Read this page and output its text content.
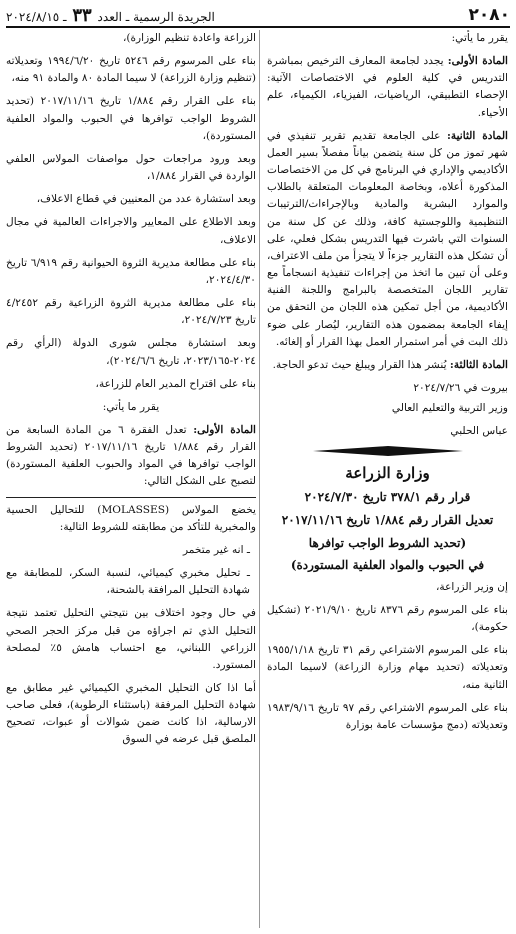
٢٠٨٠
الجريدة الرسمية ـ العدد ٣٣ ـ ٢٠٢٤/٨/١٥

يقرر ما يأتي:

المادة الأولى: يجدد لجامعة المعارف الترخيص بمباشرة التدريس في كلية العلوم في الاختصاصات الآتية: الإحصاء التطبيقي، الرياضيات، الفيزياء، الكيمياء، علم الأحياء.

المادة الثانية: على الجامعة تقديم تقرير تنفيذي في شهر تموز من كل سنة يتضمن بياناً مفصلاً بسير العمل الأكاديمي والإداري في البرنامج في كل من الاختصاصات المذكورة أعلاه، وبخاصة المعلومات المتعلقة بالطلاب والموارد البشرية والمادية وبالإجراءات/الترتيبات التنظيمية واللوجستية كافة، وذلك عن كل سنة من السنوات التي باشرت فيها التدريس بشكل فعلي، على أن تشكل هذه التقارير جزءاً لا يتجزأ من ملف الاعتراف، وعلى أن تبين ما اتخذ من إجراءات تنفيذية انسجاماً مع تقارير اللجان المتخصصة بالبرامج واللجنة الفنية الأكاديمية، من أجل تمكين هذه اللجان من التحقق من إيفاء الجامعة بمضمون هذه التقارير، ليُصار على ضوء ذلك البت في أمر استمرار العمل بهذا القرار أو إلغائه.

المادة الثالثة: يُنشر هذا القرار ويبلغ حيث تدعو الحاجة.

بيروت في ٢٠٢٤/٧/٢٦

وزير التربية والتعليم العالي

عباس الحلبي

وزارة الزراعة
قرار رقم ٣٧٨/١ تاريخ ٢٠٢٤/٧/٣٠
تعديل القرار رقم ١/٨٨٤ تاريخ ٢٠١٧/١١/١٦
(تحديد الشروط الواجب توافرها
في الحبوب والمواد العلفية المستوردة)

إن وزير الزراعة،

بناء على المرسوم رقم ٨٣٧٦ تاريخ ٢٠٢١/٩/١٠ (تشكيل حكومة)،

بناء على المرسوم الاشتراعي رقم ٣١ تاريخ ١٩٥٥/١/١٨ وتعديلاته (تحديد مهام وزارة الزراعة) لاسيما المادة الثانية منه،

بناء على المرسوم الاشتراعي رقم ٩٧ تاريخ ١٩٨٣/٩/١٦ وتعديلاته (دمج مؤسسات عامة بوزارة

الزراعة واعادة تنظيم الوزارة)،

بناء على المرسوم رقم ٥٢٤٦ تاريخ ١٩٩٤/٦/٢٠ وتعديلاته (تنظيم وزارة الزراعة) لا سيما المادة ٨٠ والمادة ٩١ منه،

بناء على القرار رقم ١/٨٨٤ تاريخ ٢٠١٧/١١/١٦ (تحديد الشروط الواجب توافرها في الحبوب والمواد العلفية المستوردة)،

وبعد ورود مراجعات حول مواصفات المولاس العلفي الواردة في القرار ١/٨٨٤،

وبعد استشارة عدد من المعنيين في قطاع الاعلاف،

وبعد الاطلاع على المعايير والاجراءات العالمية في مجال الاعلاف،

بناء على مطالعة مديرية الثروة الحيوانية رقم ٦/٩١٩ تاريخ ٢٠٢٤/٤/٣٠،

بناء على مطالعة مديرية الثروة الزراعية رقم ٤/٢٤٥٢ تاريخ ٢٠٢٤/٧/٢٣،

وبعد استشارة مجلس شورى الدولة (الرأي رقم ٢٠٢٤-٢٠٢٣/١٦٥، تاريخ ٢٠٢٤/٦/٦)،

بناء على اقتراح المدير العام للزراعة،

يقرر ما يأتي:

المادة الأولى: تعدل الفقرة ٦ من المادة السابعة من القرار رقم ١/٨٨٤ تاريخ ٢٠١٧/١١/١٦ (تحديد الشروط الواجب توافرها في المواد والحبوب العلفية المستوردة) لتصبح على الشكل التالي:

يخضع المولاس (MOLASSES) للتحاليل الحسية والمخبرية للتأكد من مطابقته للشروط التالية:

ـ انه غير متخمر

ـ تحليل مخبري كيميائي، لنسبة السكر، للمطابقة مع شهادة التحليل المرافقة بالشحنة،

في حال وجود اختلاف بين نتيجتي التحليل تعتمد نتيجة التحليل الذي تم اجراؤه من قبل مركز الحجر الصحي الزراعي اللبناني، مع احتساب هامش ٥٪ لمصلحة المستورد.

أما اذا كان التحليل المخبري الكيميائي غير مطابق مع شهادة التحليل المرفقة (باستثناء الرطوبة)، فعلى صاحب الارسالية، اذا كانت ضمن شوالات أو عبوات، تصحيح الملصق قبل عرضه في السوق
